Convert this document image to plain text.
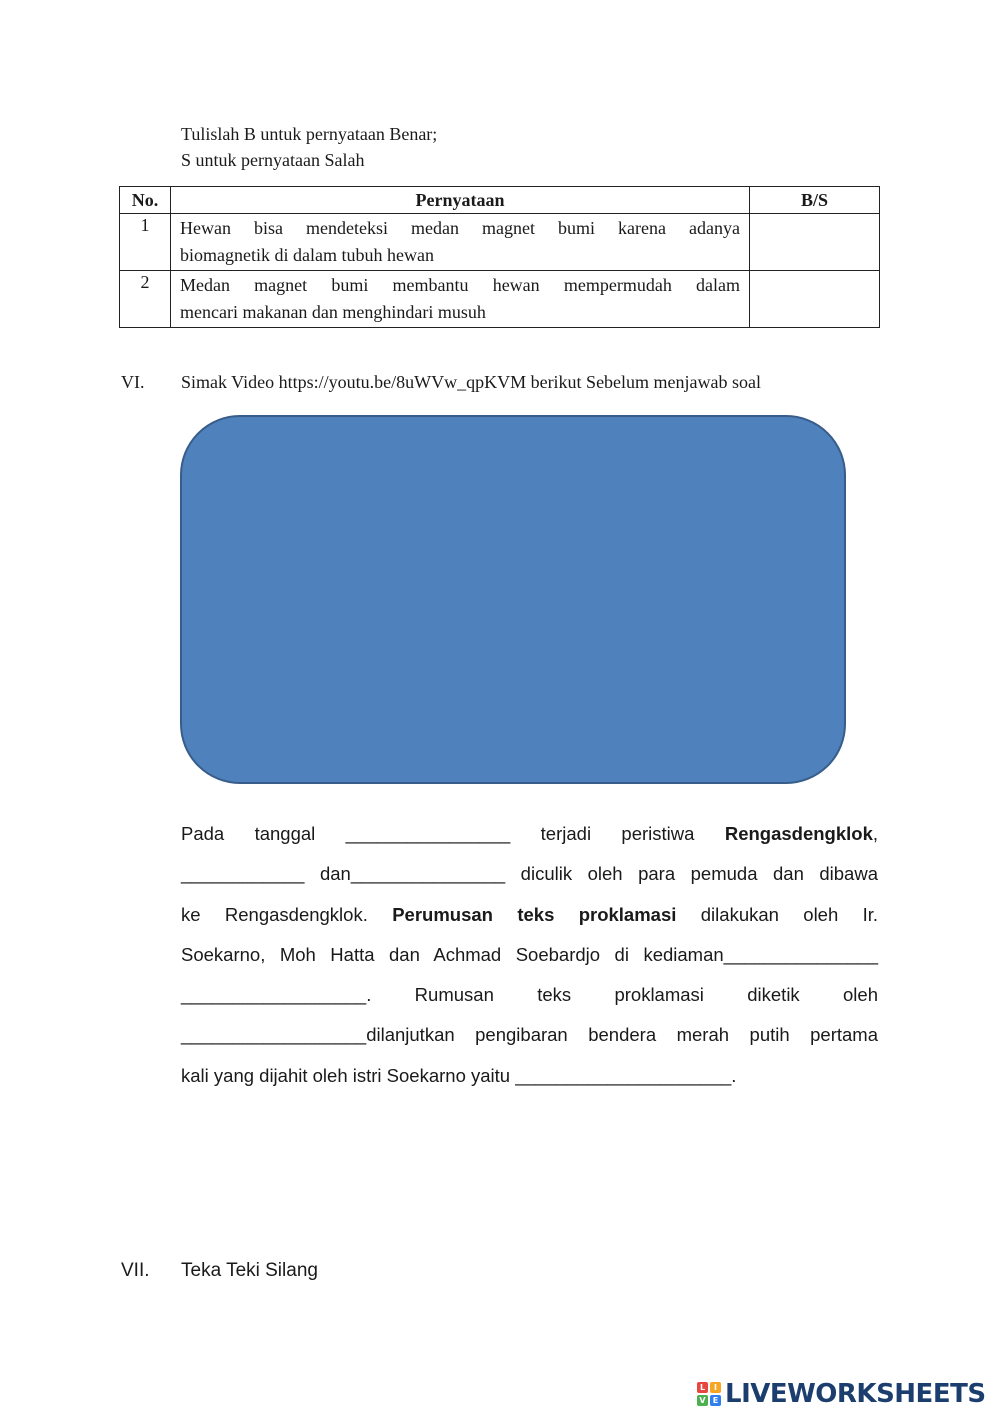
Tulislah B untuk pernyataan Benar;
S untuk pernyataan Salah
No.	Pernyataan	B/S
1	Hewan bisa mendeteksi medan magnet bumi karena adanya
biomagnetik di dalam tubuh hewan	

2	Medan magnet bumi membantu hewan mempermudah dalam
mencari makanan dan menghindari musuh	

VI. Simak Video https://youtu.be/8uWVw_qpKVM berikut Sebelum menjawab soal
Pada tanggal ________________ terjadi peristiwa Rengasdengklok,
____________ dan_______________ diculik oleh para pemuda dan dibawa
ke Rengasdengklok. Perumusan teks proklamasi dilakukan oleh Ir.
Soekarno, Moh Hatta dan Achmad Soebardjo di kediaman_______________
__________________. Rumusan teks proklamasi diketik oleh
__________________dilanjutkan pengibaran bendera merah putih pertama
kali yang dijahit oleh istri Soekarno yaitu _____________________.
VII. Teka Teki Silang
L	I
V E LIVEWORKSHEETS
